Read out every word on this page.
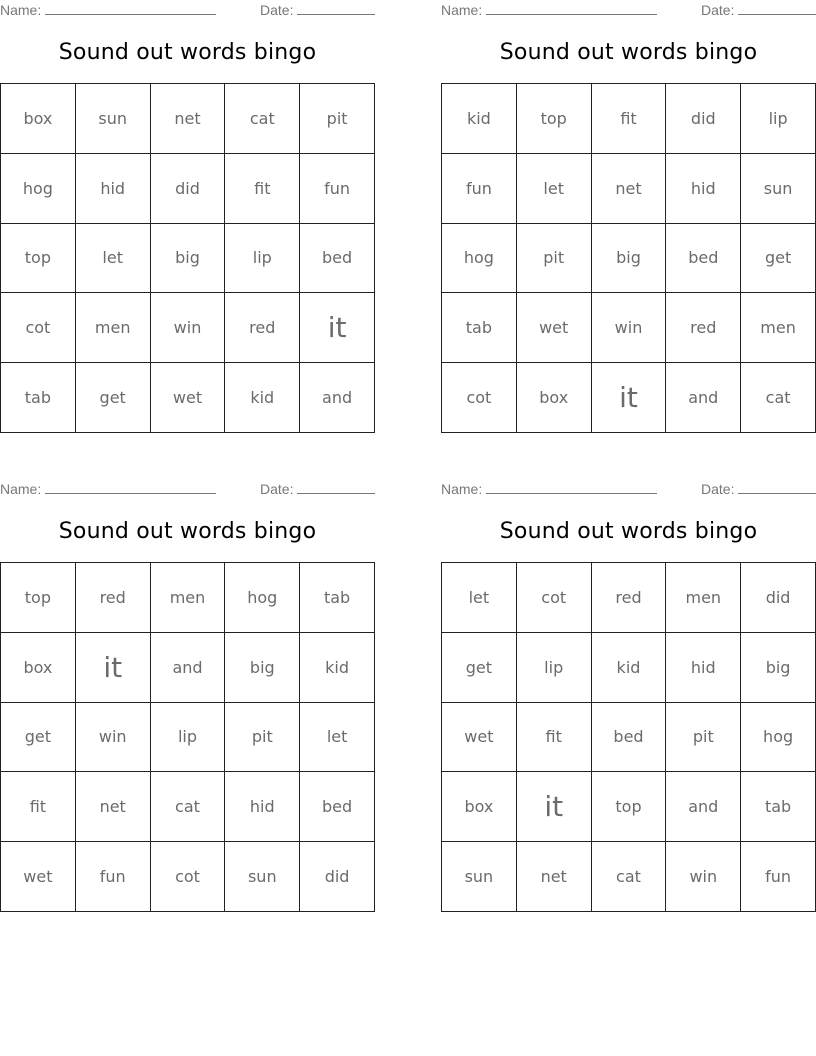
Name:	Date:
Sound out words bingo
box	sun	net	cat	pit
hog	hid	did	fit	fun
top	let	big	lip	bed
cot	men	win	red	it
tab	get	wet	kid	and
Name:	Date:
Sound out words bingo
kid	top	fit	did	lip
fun	let	net	hid	sun
hog	pit	big	bed	get
tab	wet	win	red	men
cot	box	it	and	cat
Name:	Date:
Sound out words bingo
top	red	men	hog	tab
box	it	and	big	kid
get	win	lip	pit	let
fit	net	cat	hid	bed
wet	fun	cot	sun	did
Name:	Date:
Sound out words bingo
let	cot	red	men	did
get	lip	kid	hid	big
wet	fit	bed	pit	hog
box	it	top	and	tab
sun	net	cat	win	fun
